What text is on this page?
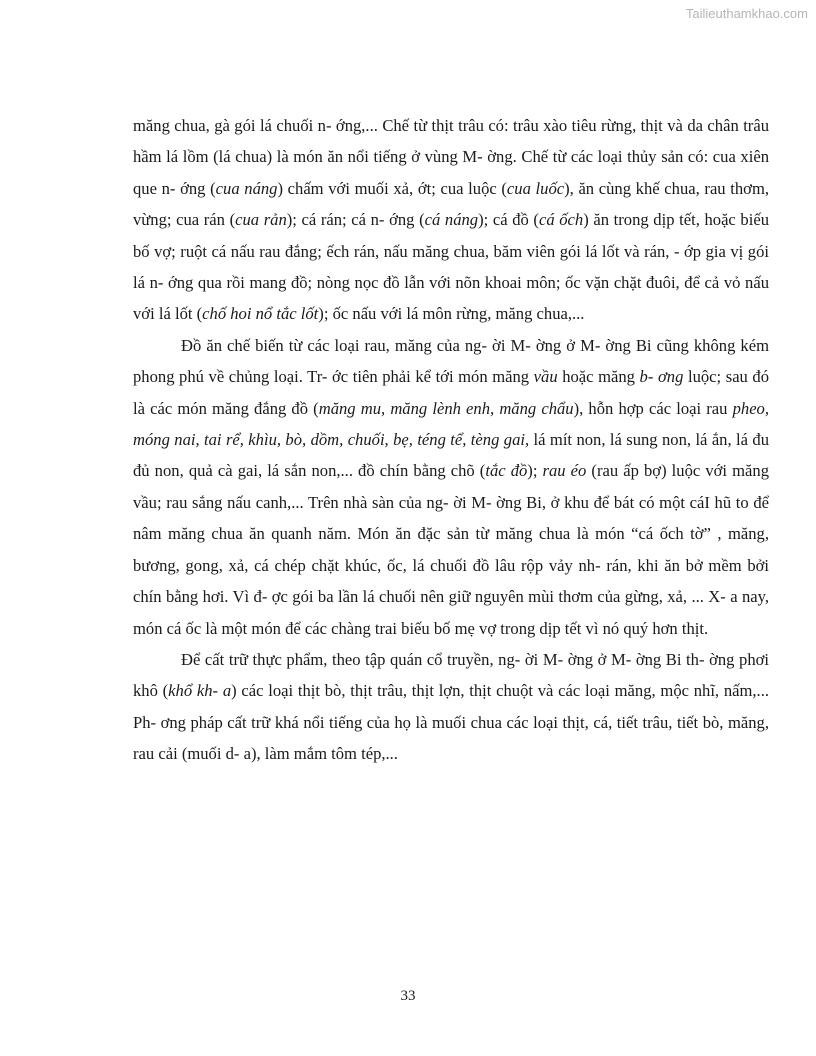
Tailieuthamkhao.com

măng chua, gà gói lá chuối n- ớng,... Chế từ thịt trâu có: trâu xào tiêu rừng, thịt và da chân trâu hầm lá lồm (lá chua) là món ăn nổi tiếng ở vùng M- ờng. Chế từ các loại thủy sản có: cua xiên que n- ớng (cua náng) chấm với muối xả, ớt; cua luộc (cua luốc), ăn cùng khế chua, rau thơm, vừng; cua rán (cua rản); cá rán; cá n- ớng (cá náng); cá đồ (cá ốch) ăn trong dịp tết, hoặc biếu bố vợ; ruột cá nấu rau đắng; ếch rán, nấu măng chua, băm viên gói lá lốt và rán, - ớp gia vị gói lá n- ớng qua rồi mang đồ; nòng nọc đồ lẫn với nõn khoai môn; ốc vặn chặt đuôi, để cả vỏ nấu với lá lốt (chố hoi nổ tắc lốt); ốc nấu với lá môn rừng, măng chua,...

Đồ ăn chế biến từ các loại rau, măng của ng- ời M- ờng ở M- ờng Bi cũng không kém phong phú về chủng loại. Tr- ớc tiên phải kể tới món măng vầu hoặc măng b- ơng luộc; sau đó là các món măng đắng đồ (măng mu, măng lènh enh, măng chẩu), hỗn hợp các loại rau pheo, móng nai, tai rể, khìu, bò, dồm, chuối, bẹ, téng tể, tèng gai, lá mít non, lá sung non, lá ắn, lá đu đủ non, quả cà gai, lá sắn non,... đồ chín bằng chõ (tắc đồ); rau éo (rau ấp bợ) luộc với măng vầu; rau sắng nấu canh,... Trên nhà sàn của ng- ời M- ờng Bi, ở khu để bát có một cáI hũ to để nâm măng chua ăn quanh năm. Món ăn đặc sản từ măng chua là món “cá ốch tờ” , măng, bương, gong, xả, cá chép chặt khúc, ốc, lá chuối đồ lâu rộp vảy nh- rán, khi ăn bở mềm bởi chín bằng hơi. Vì đ- ợc gói ba lần lá chuối nên giữ nguyên mùi thơm của gừng, xả, ... X- a nay, món cá ốc là một món để các chàng trai biếu bố mẹ vợ trong dịp tết vì nó quý hơn thịt.

Để cất trữ thực phẩm, theo tập quán cổ truyền, ng- ời M- ờng ở M- ờng Bi th- ờng phơi khô (khổ kh- a) các loại thịt bò, thịt trâu, thịt lợn, thịt chuột và các loại măng, mộc nhĩ, nấm,... Ph- ơng pháp cất trữ khá nổi tiếng của họ là muối chua các loại thịt, cá, tiết trâu, tiết bò, măng, rau cải (muối d- a), làm mắm tôm tép,...

33
